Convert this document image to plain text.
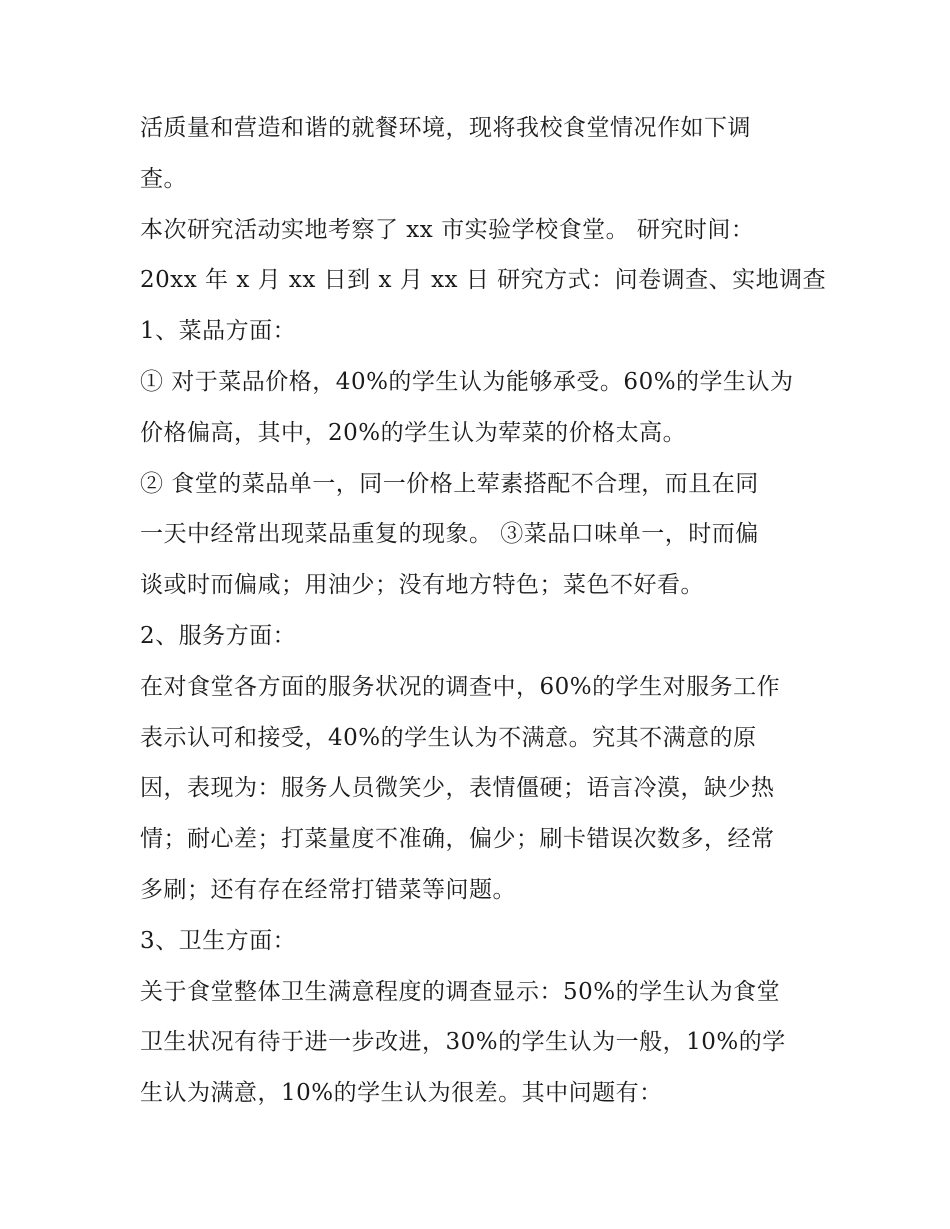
活质量和营造和谐的就餐环境，现将我校食堂情况作如下调
查。
本次研究活动实地考察了 xx 市实验学校食堂。 研究时间：
20xx 年 x 月 xx 日到 x 月 xx 日 研究方式：问卷调查、实地调查
1、菜品方面：
① 对于菜品价格，40%的学生认为能够承受。60%的学生认为
价格偏高，其中，20%的学生认为荤菜的价格太高。
② 食堂的菜品单一，同一价格上荤素搭配不合理，而且在同
一天中经常出现菜品重复的现象。 ③菜品口味单一，时而偏
谈或时而偏咸；用油少；没有地方特色；菜色不好看。
2、服务方面：
在对食堂各方面的服务状况的调查中，60%的学生对服务工作
表示认可和接受，40%的学生认为不满意。究其不满意的原
因，表现为：服务人员微笑少，表情僵硬；语言冷漠，缺少热
情；耐心差；打菜量度不准确，偏少；刷卡错误次数多，经常
多刷；还有存在经常打错菜等问题。
3、卫生方面：
关于食堂整体卫生满意程度的调查显示：50%的学生认为食堂
卫生状况有待于进一步改进，30%的学生认为一般，10%的学
生认为满意，10%的学生认为很差。其中问题有：
